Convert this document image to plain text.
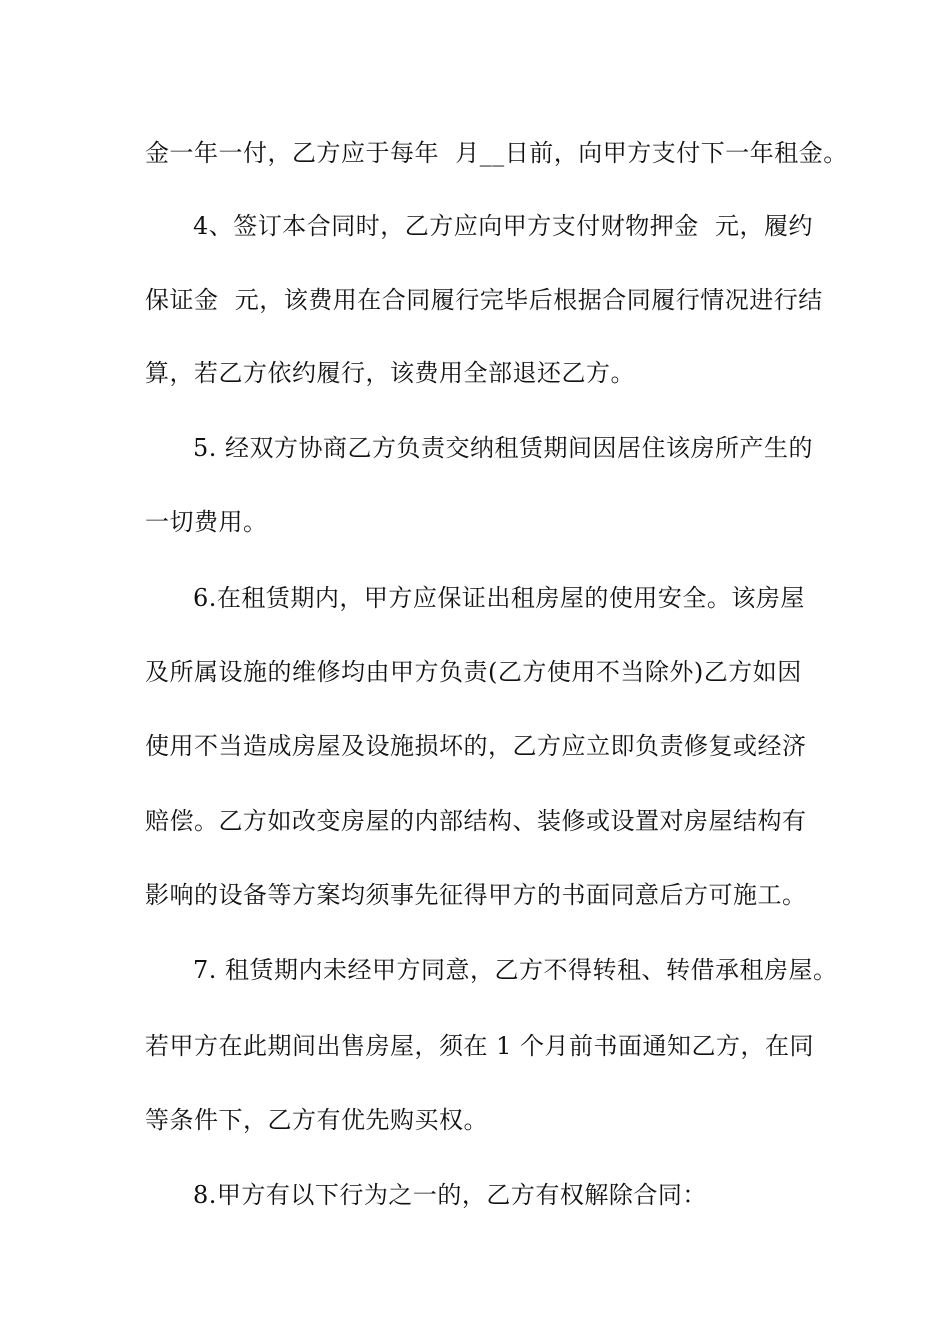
金一年一付，乙方应于每年  月__日前，向甲方支付下一年租金。
4、签订本合同时，乙方应向甲方支付财物押金  元，履约
保证金  元，该费用在合同履行完毕后根据合同履行情况进行结
算，若乙方依约履行，该费用全部退还乙方。
5. 经双方协商乙方负责交纳租赁期间因居住该房所产生的
一切费用。
6.在租赁期内，甲方应保证出租房屋的使用安全。该房屋
及所属设施的维修均由甲方负责(乙方使用不当除外)乙方如因
使用不当造成房屋及设施损坏的，乙方应立即负责修复或经济
赔偿。乙方如改变房屋的内部结构、装修或设置对房屋结构有
影响的设备等方案均须事先征得甲方的书面同意后方可施工。
7. 租赁期内未经甲方同意，乙方不得转租、转借承租房屋。
若甲方在此期间出售房屋，须在 1 个月前书面通知乙方，在同
等条件下，乙方有优先购买权。
8.甲方有以下行为之一的，乙方有权解除合同：
